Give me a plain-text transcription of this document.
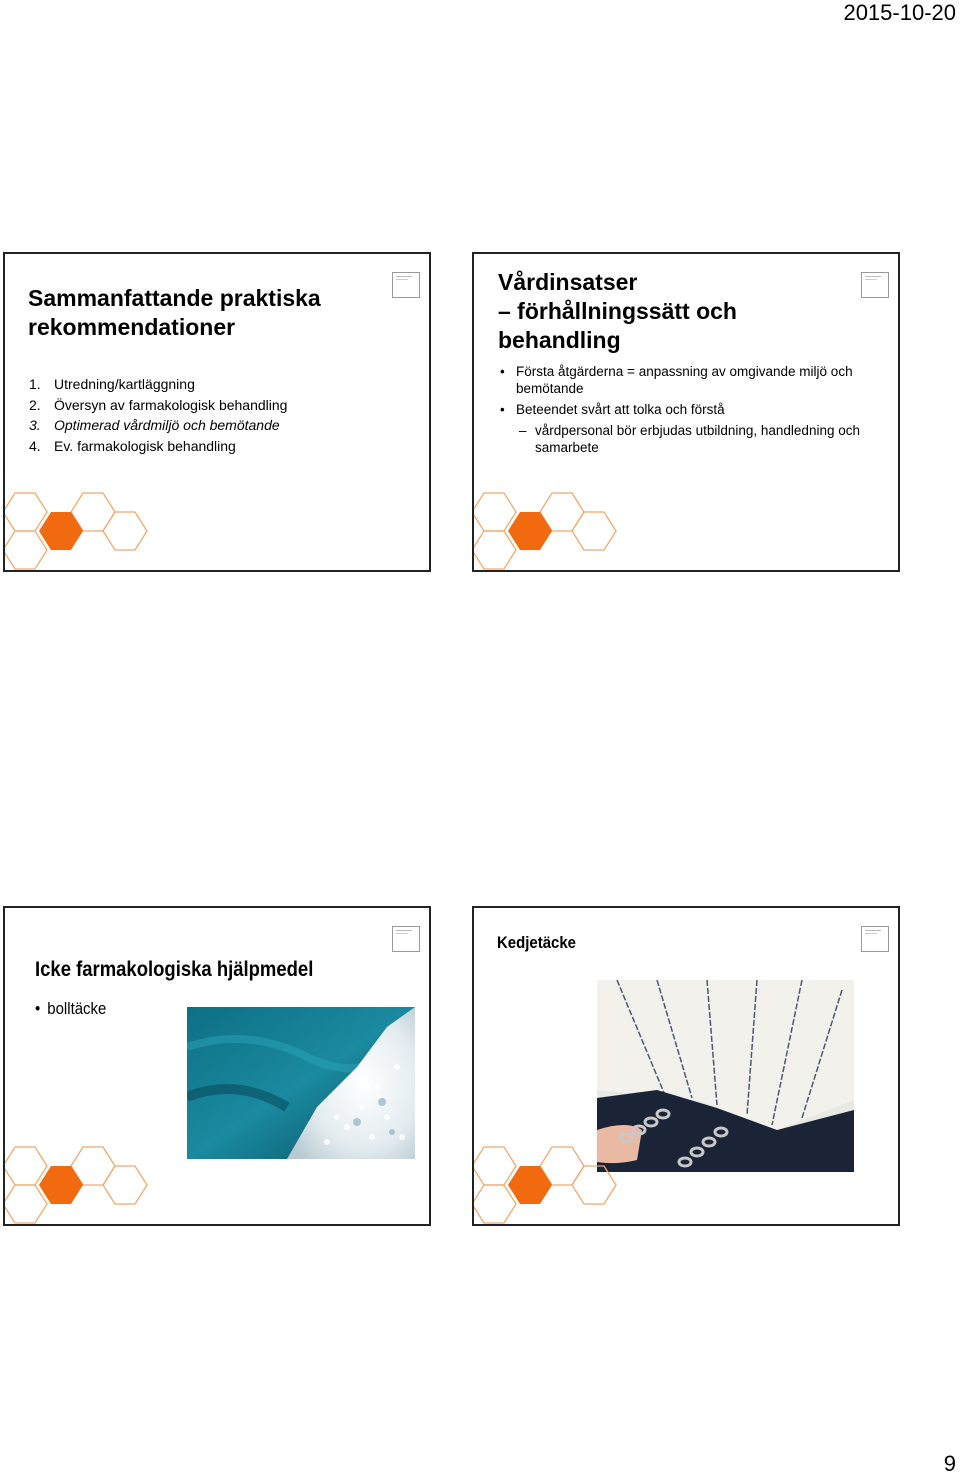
2015-10-20
Sammanfattande praktiska rekommendationer
1. Utredning/kartläggning
2. Översyn av farmakologisk behandling
3. Optimerad vårdmiljö och bemötande
4. Ev. farmakologisk behandling
Vårdinsatser
– förhållningssätt och
behandling
• Första åtgärderna = anpassning av omgivande miljö och bemötande
• Beteendet svårt att tolka och förstå
– vårdpersonal bör erbjudas utbildning, handledning och samarbete
Icke farmakologiska hjälpmedel
• bolltäcke
Kedjetäcke
9
